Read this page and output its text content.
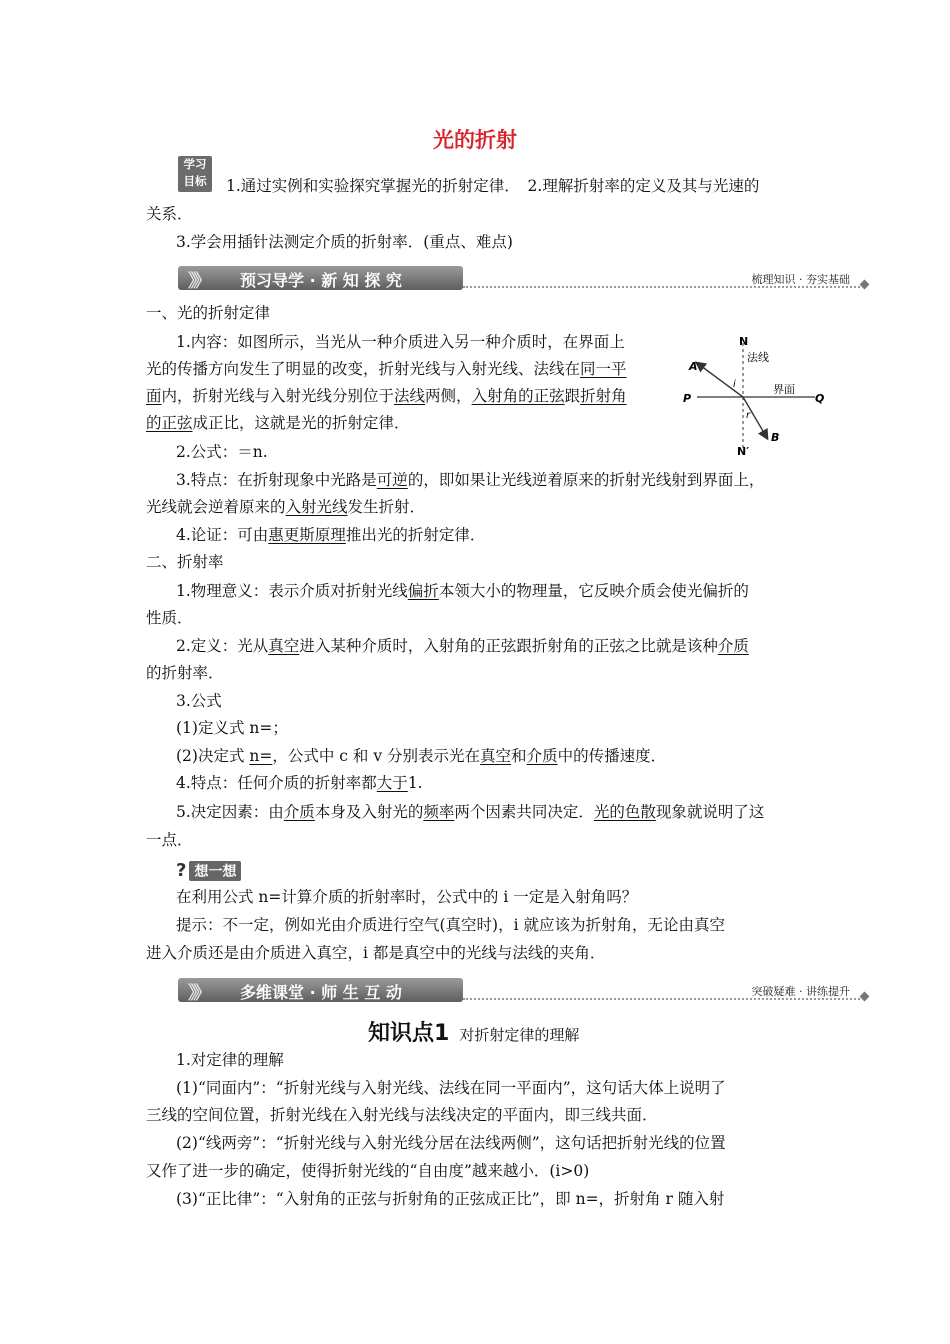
光的折射
学习
目标	1.通过实例和实验探究掌握光的折射定律．　2.理解折射率的定义及其与光速的
关系．
3.学会用插针法测定介质的折射率．(重点、难点)
》》 预习导学 · 新 知 探 究	梳理知识 · 夯实基础
一、光的折射定律
1.内容：如图所示，当光从一种介质进入另一种介质时，在界面上
光的传播方向发生了明显的改变，折射光线与入射光线、法线在同一平
面内，折射光线与入射光线分别位于法线两侧，入射角的正弦跟折射角
的正弦成正比，这就是光的折射定律．
2.公式：＝n.
3.特点：在折射现象中光路是可逆的，即如果让光线逆着原来的折射光线射到界面上，
光线就会逆着原来的入射光线发生折射．
4.论证：可由惠更斯原理推出光的折射定律．
N
法线
A
i	界面
P	Q
r
B
N′
二、折射率
1.物理意义：表示介质对折射光线偏折本领大小的物理量，它反映介质会使光偏折的
性质．
2.定义：光从真空进入某种介质时，入射角的正弦跟折射角的正弦之比就是该种介质
的折射率．
3.公式
(1)定义式 n=；
(2)决定式 n=，公式中 c 和 v 分别表示光在真空和介质中的传播速度．
4.特点：任何介质的折射率都大于1.
5.决定因素：由介质本身及入射光的频率两个因素共同决定．光的色散现象就说明了这
一点．
? 想一想
在利用公式 n=计算介质的折射率时，公式中的 i 一定是入射角吗？
提示：不一定，例如光由介质进行空气(真空时)，i 就应该为折射角，无论由真空
进入介质还是由介质进入真空，i 都是真空中的光线与法线的夹角．
》》 多维课堂 · 师 生 互 动	突破疑难 · 讲练提升
知识点1 对折射定律的理解
1.对定律的理解
(1)“同面内”：“折射光线与入射光线、法线在同一平面内”，这句话大体上说明了
三线的空间位置，折射光线在入射光线与法线决定的平面内，即三线共面．
(2)“线两旁”：“折射光线与入射光线分居在法线两侧”，这句话把折射光线的位置
又作了进一步的确定，使得折射光线的“自由度”越来越小．(i>0)
(3)“正比律”：“入射角的正弦与折射角的正弦成正比”，即 n=，折射角 r 随入射
